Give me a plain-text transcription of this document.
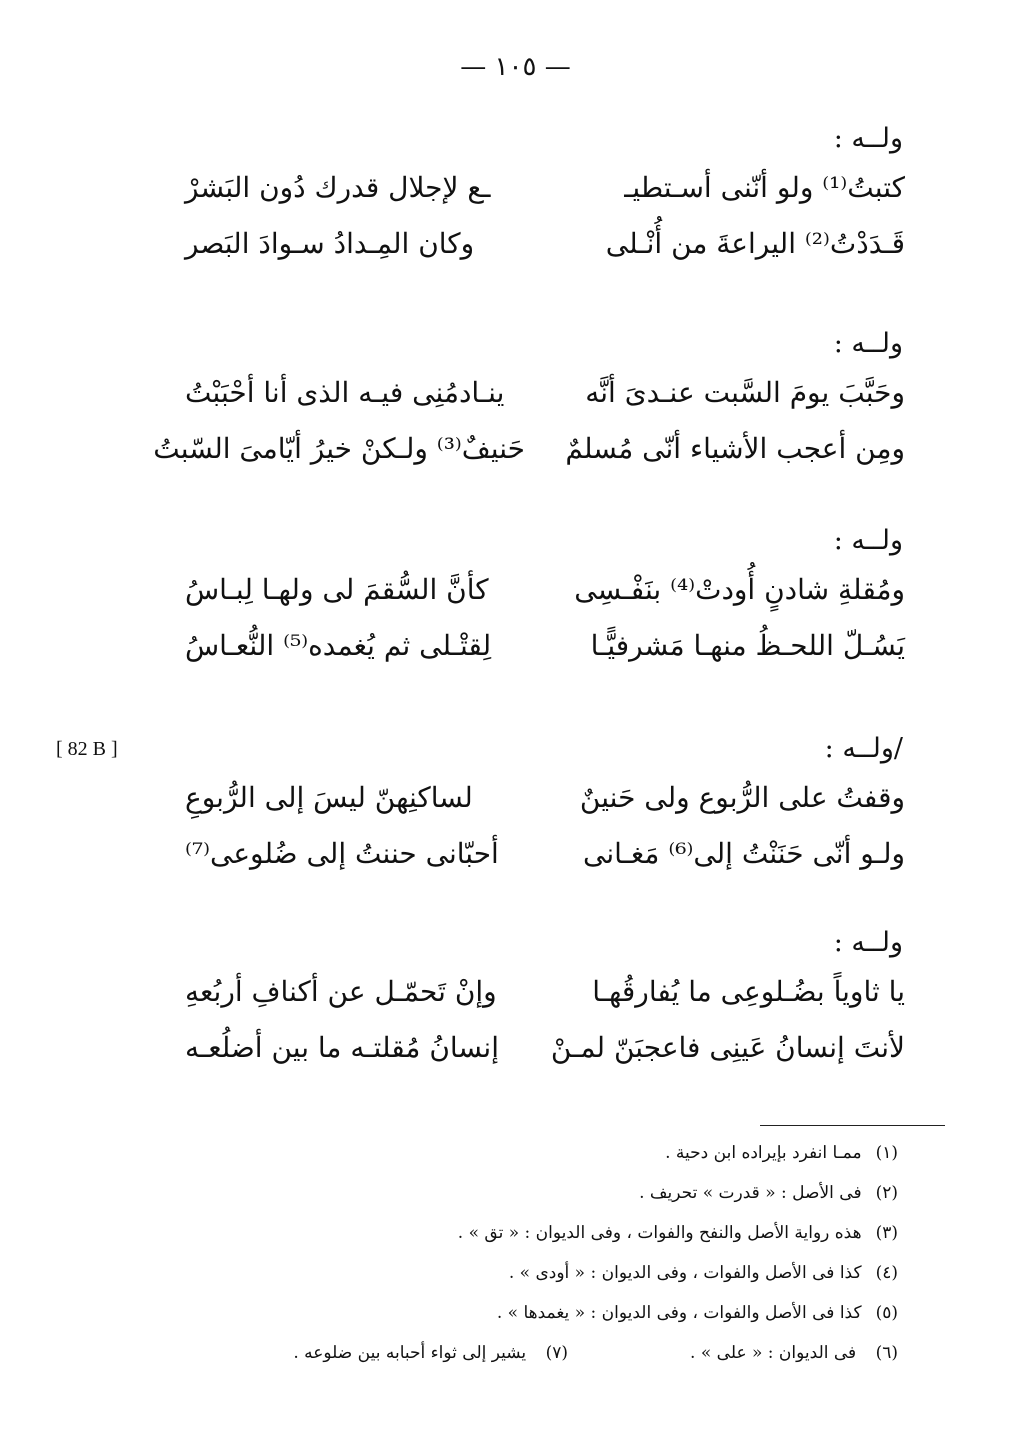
— ١٠٥ —
[ 82 B ]
ولــه :
كتبتُ⁽¹⁾ ولو أنّنى أسـتطيـ
ـع لإجلال قدرك دُون البَشرْ
قَـدَدْتُ⁽²⁾ اليراعةَ من أُنْـلى
وكان المِـدادُ سـوادَ البَصر
ولــه :
وحَبَّبَ يومَ السَّبت عنـدىَ أنَّه
ينـادمُنِى فيـه الذى أنا أحْبَبْتُ
ومِن أعجب الأشياء أنّى مُسلمٌ
حَنيفٌ⁽³⁾ ولـكنْ خيرُ أيّامىَ السّبتُ
ولــه :
ومُقلةِ شادنٍ أُودتْ⁽⁴⁾ بنَفْـسِى
كأنَّ السُّقمَ لى ولهـا لِبـاسُ
يَسُـلّ اللحـظُ منهـا مَشرفيًّـا
لِقتْـلى ثم يُغمده⁽⁵⁾ النُّعـاسُ
/ولــه :
وقفتُ على الرُّبوع ولى حَنينٌ
لساكنِهنّ ليسَ إلى الرُّبوعِ
ولـو أنّى حَنَنْتُ إلى⁽⁶⁾ مَغـانى
أحبّانى حننتُ إلى ضُلوعى⁽⁷⁾
ولــه :
يا ثاوياً بضُـلوعِى ما يُفارقُهـا
وإنْ تَحمّـل عن أكنافِ أربُعهِ
لأنتَ إنسانُ عَينِى فاعجبَنّ لمـنْ
إنسانُ مُقلتـه ما بين أضلُعـه
(١)
ممـا انفرد بإيراده ابن دحية .
(٢)
فى الأصل : « قدرت » تحريف .
(٣)
هذه رواية الأصل والنفح والفوات ، وفى الديوان : « تق » .
(٤)
كذا فى الأصل والفوات ، وفى الديوان : « أودى » .
(٥)
كذا فى الأصل والفوات ، وفى الديوان : « يغمدها » .
(٦) فى الديوان : « على » .
(٧) يشير إلى ثواء أحبابه بين ضلوعه .
